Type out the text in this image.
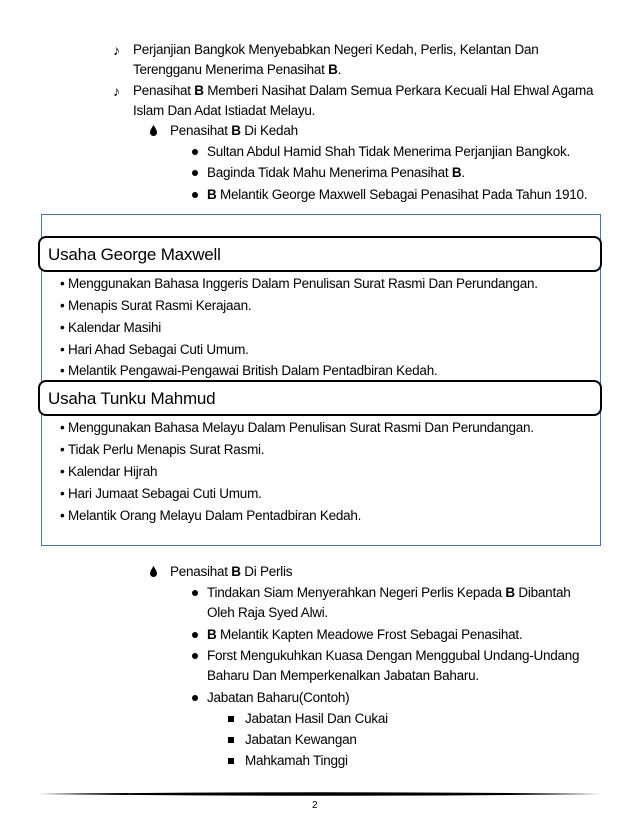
♪ Perjanjian Bangkok Menyebabkan Negeri Kedah, Perlis, Kelantan Dan
Terengganu Menerima Penasihat B.
♪ Penasihat B Memberi Nasihat Dalam Semua Perkara Kecuali Hal Ehwal Agama
Islam Dan Adat Istiadat Melayu.
Penasihat B Di Kedah
Sultan Abdul Hamid Shah Tidak Menerima Perjanjian Bangkok.
Baginda Tidak Mahu Menerima Penasihat B.
B Melantik George Maxwell Sebagai Penasihat Pada Tahun 1910.
Usaha George Maxwell
• Menggunakan Bahasa Inggeris Dalam Penulisan Surat Rasmi Dan Perundangan.
• Menapis Surat Rasmi Kerajaan.
• Kalendar Masihi
• Hari Ahad Sebagai Cuti Umum.
• Melantik Pengawai-Pengawai British Dalam Pentadbiran Kedah.
Usaha Tunku Mahmud
• Menggunakan Bahasa Melayu Dalam Penulisan Surat Rasmi Dan Perundangan.
• Tidak Perlu Menapis Surat Rasmi.
• Kalendar Hijrah
• Hari Jumaat Sebagai Cuti Umum.
• Melantik Orang Melayu Dalam Pentadbiran Kedah.
Penasihat B Di Perlis
Tindakan Siam Menyerahkan Negeri Perlis Kepada B Dibantah
Oleh Raja Syed Alwi.
B Melantik Kapten Meadowe Frost Sebagai Penasihat.
Forst Mengukuhkan Kuasa Dengan Menggubal Undang-Undang
Baharu Dan Memperkenalkan Jabatan Baharu.
Jabatan Baharu(Contoh)
Jabatan Hasil Dan Cukai
Jabatan Kewangan
Mahkamah Tinggi
2
